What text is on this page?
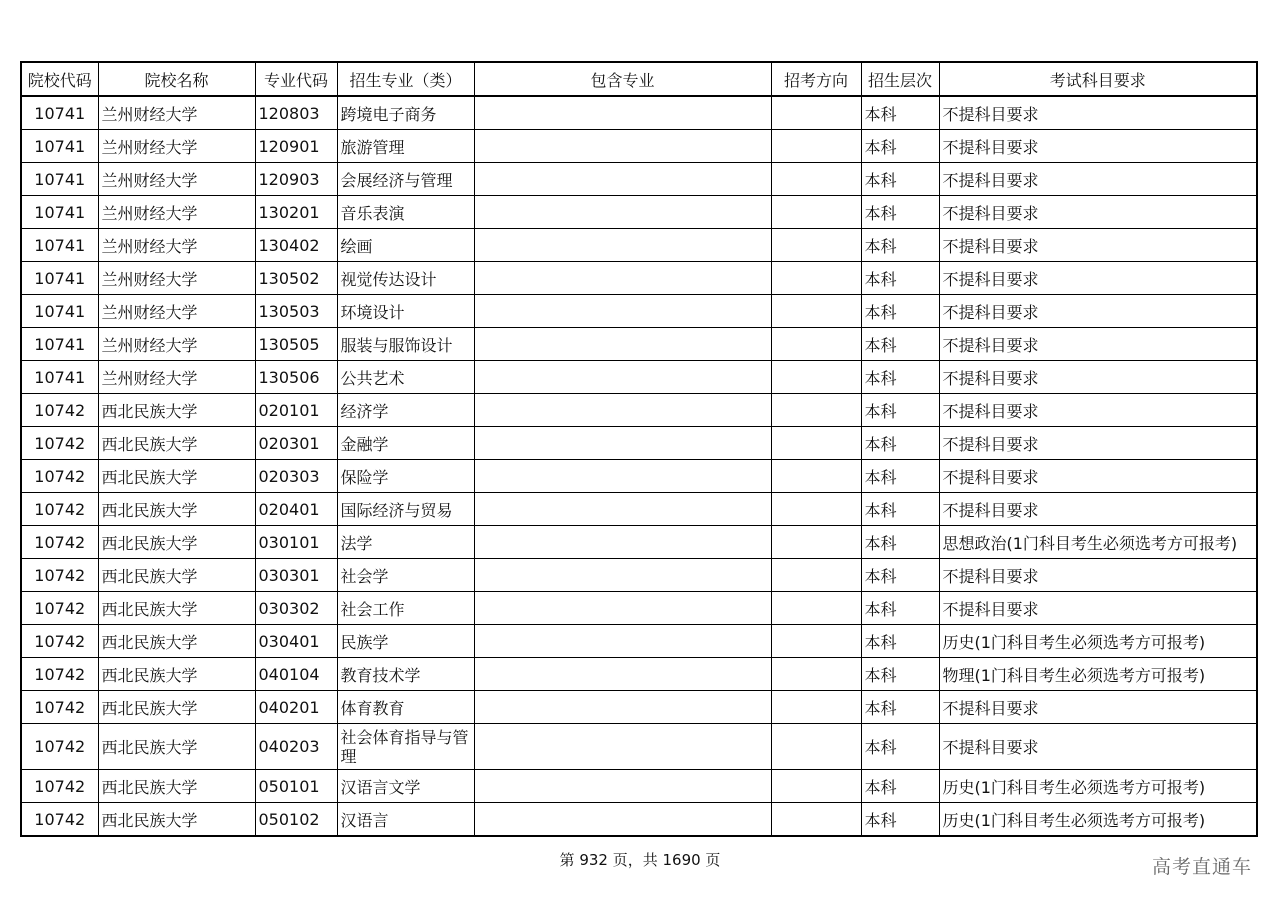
院校代码	院校名称	专业代码	招生专业（类）	包含专业	招考方向	招生层次	考试科目要求
10741	兰州财经大学	120803	跨境电子商务			本科	不提科目要求
10741	兰州财经大学	120901	旅游管理			本科	不提科目要求
10741	兰州财经大学	120903	会展经济与管理			本科	不提科目要求
10741	兰州财经大学	130201	音乐表演			本科	不提科目要求
10741	兰州财经大学	130402	绘画			本科	不提科目要求
10741	兰州财经大学	130502	视觉传达设计			本科	不提科目要求
10741	兰州财经大学	130503	环境设计			本科	不提科目要求
10741	兰州财经大学	130505	服装与服饰设计			本科	不提科目要求
10741	兰州财经大学	130506	公共艺术			本科	不提科目要求
10742	西北民族大学	020101	经济学			本科	不提科目要求
10742	西北民族大学	020301	金融学			本科	不提科目要求
10742	西北民族大学	020303	保险学			本科	不提科目要求
10742	西北民族大学	020401	国际经济与贸易			本科	不提科目要求
10742	西北民族大学	030101	法学			本科	思想政治(1门科目考生必须选考方可报考)
10742	西北民族大学	030301	社会学			本科	不提科目要求
10742	西北民族大学	030302	社会工作			本科	不提科目要求
10742	西北民族大学	030401	民族学			本科	历史(1门科目考生必须选考方可报考)
10742	西北民族大学	040104	教育技术学			本科	物理(1门科目考生必须选考方可报考)
10742	西北民族大学	040201	体育教育			本科	不提科目要求
10742	西北民族大学	040203	社会体育指导与管理			本科	不提科目要求
10742	西北民族大学	050101	汉语言文学			本科	历史(1门科目考生必须选考方可报考)
10742	西北民族大学	050102	汉语言			本科	历史(1门科目考生必须选考方可报考)
第 932 页，共 1690 页	高考直通车
